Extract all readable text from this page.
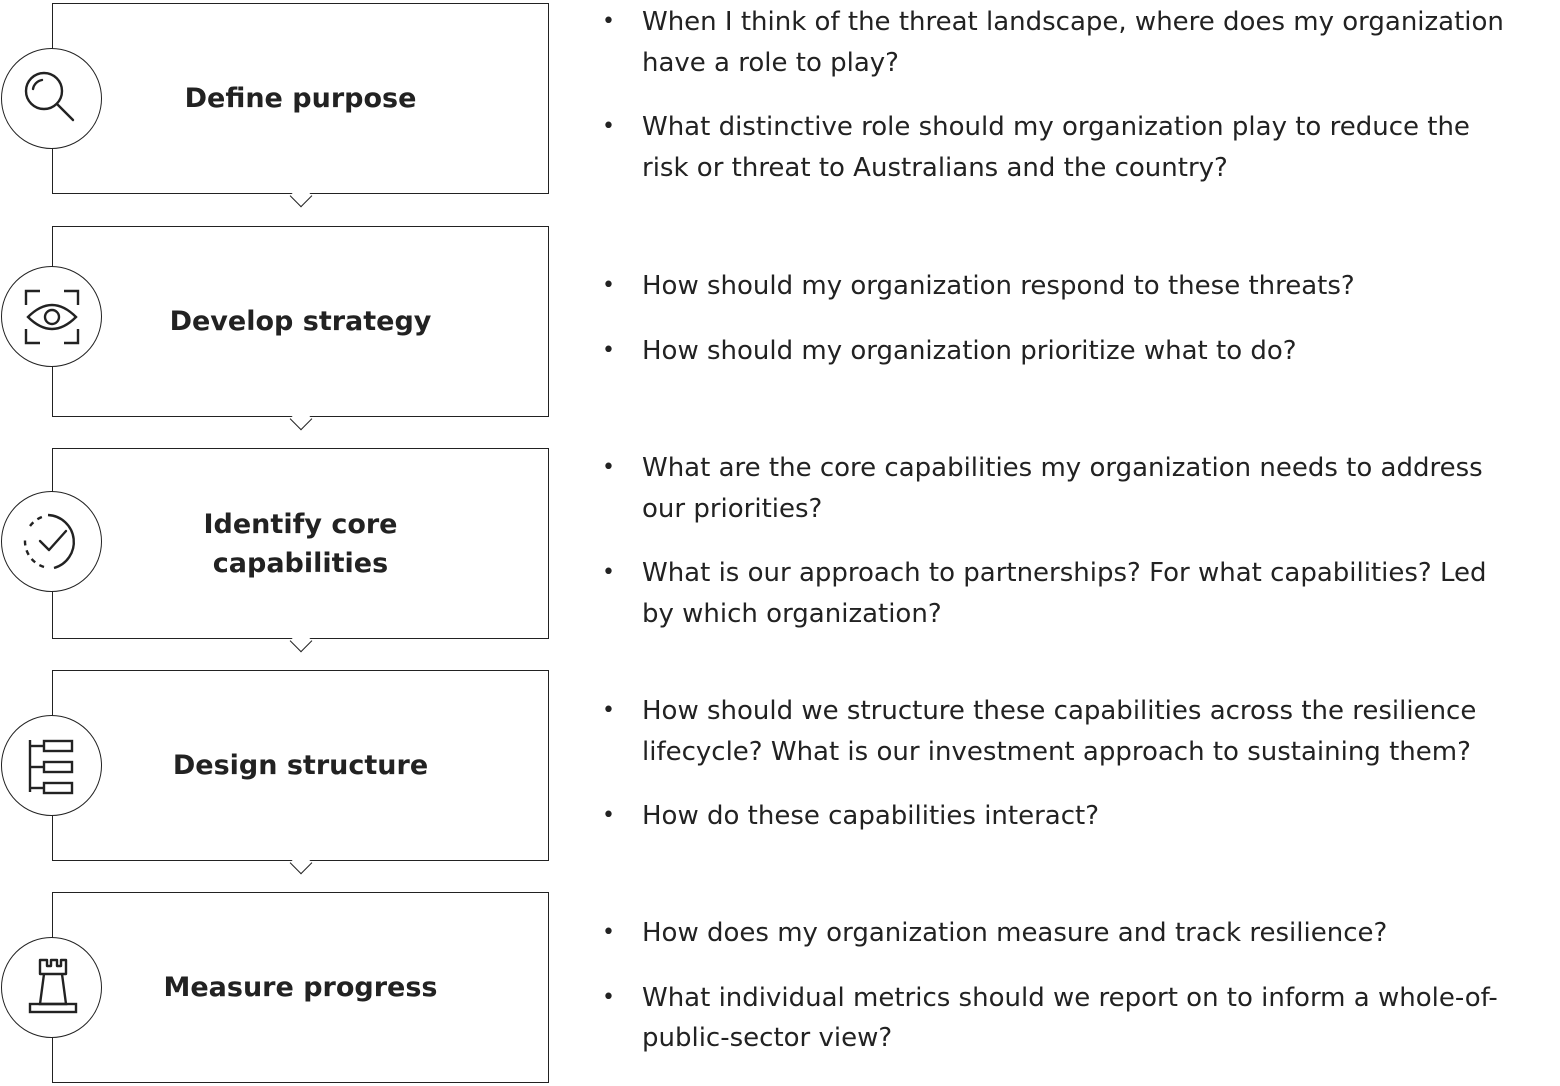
Define purpose
• When I think of the threat landscape, where does my organization have a role to play?
• What distinctive role should my organization play to reduce the risk or threat to Australians and the country?
Develop strategy
• How should my organization respond to these threats?
• How should my organization prioritize what to do?
Identify core capabilities
• What are the core capabilities my organization needs to address our priorities?
• What is our approach to partnerships? For what capabilities? Led by which organization?
Design structure
• How should we structure these capabilities across the resilience lifecycle? What is our investment approach to sustaining them?
• How do these capabilities interact?
Measure progress
• How does my organization measure and track resilience?
• What individual metrics should we report on to inform a whole-of-public-sector view?
